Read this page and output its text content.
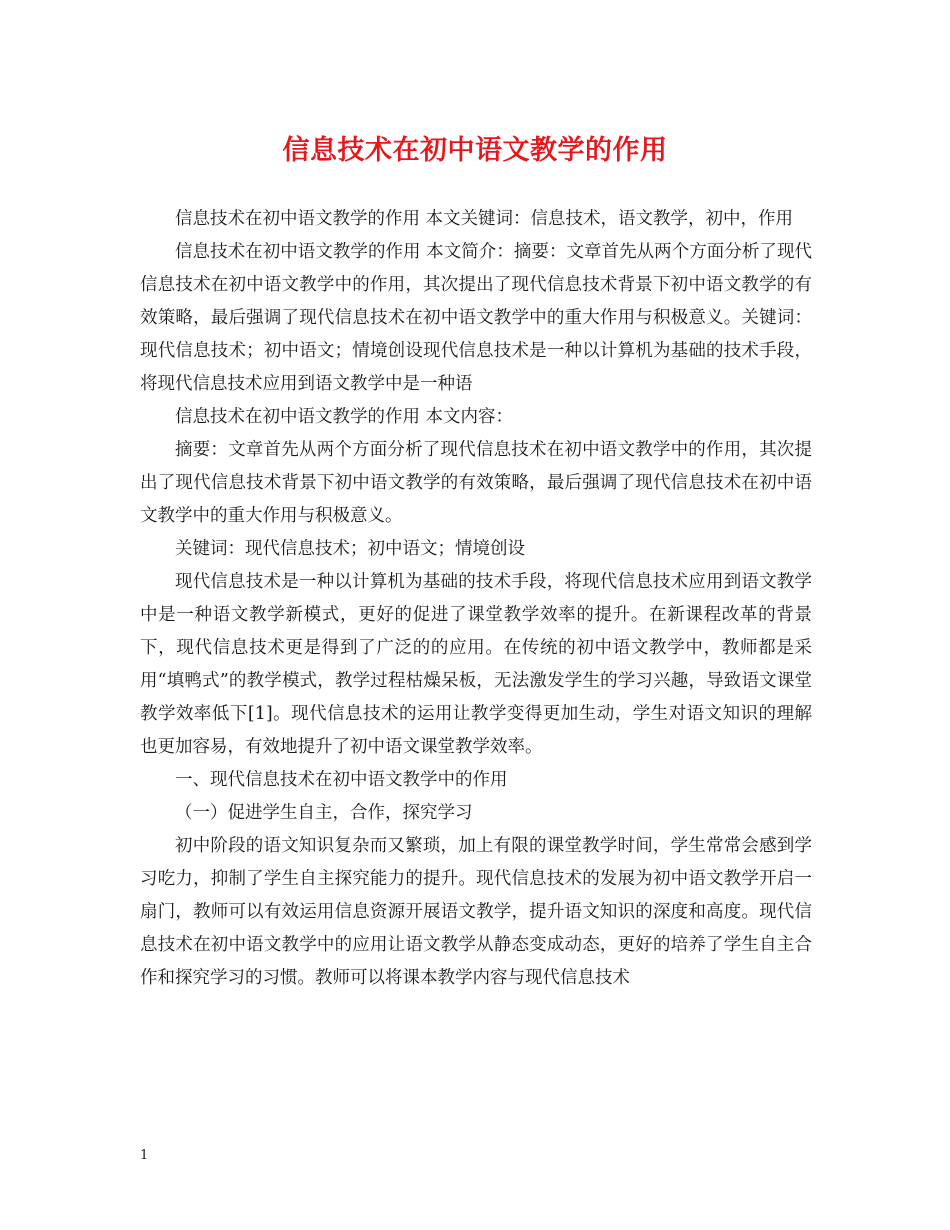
信息技术在初中语文教学的作用

信息技术在初中语文教学的作用 本文关键词：信息技术，语文教学，初中，作用

信息技术在初中语文教学的作用 本文简介：摘要：文章首先从两个方面分析了现代信息技术在初中语文教学中的作用，其次提出了现代信息技术背景下初中语文教学的有效策略，最后强调了现代信息技术在初中语文教学中的重大作用与积极意义。关键词：现代信息技术；初中语文；情境创设现代信息技术是一种以计算机为基础的技术手段，将现代信息技术应用到语文教学中是一种语

信息技术在初中语文教学的作用 本文内容：

摘要：文章首先从两个方面分析了现代信息技术在初中语文教学中的作用，其次提出了现代信息技术背景下初中语文教学的有效策略，最后强调了现代信息技术在初中语文教学中的重大作用与积极意义。

关键词：现代信息技术；初中语文；情境创设

现代信息技术是一种以计算机为基础的技术手段，将现代信息技术应用到语文教学中是一种语文教学新模式，更好的促进了课堂教学效率的提升。在新课程改革的背景下，现代信息技术更是得到了广泛的的应用。在传统的初中语文教学中，教师都是采用“填鸭式”的教学模式，教学过程枯燥呆板，无法激发学生的学习兴趣，导致语文课堂教学效率低下[1]。现代信息技术的运用让教学变得更加生动，学生对语文知识的理解也更加容易，有效地提升了初中语文课堂教学效率。

一、现代信息技术在初中语文教学中的作用

（一）促进学生自主，合作，探究学习

初中阶段的语文知识复杂而又繁琐，加上有限的课堂教学时间，学生常常会感到学习吃力，抑制了学生自主探究能力的提升。现代信息技术的发展为初中语文教学开启一扇门，教师可以有效运用信息资源开展语文教学，提升语文知识的深度和高度。现代信息技术在初中语文教学中的应用让语文教学从静态变成动态，更好的培养了学生自主合作和探究学习的习惯。教师可以将课本教学内容与现代信息技术

1
